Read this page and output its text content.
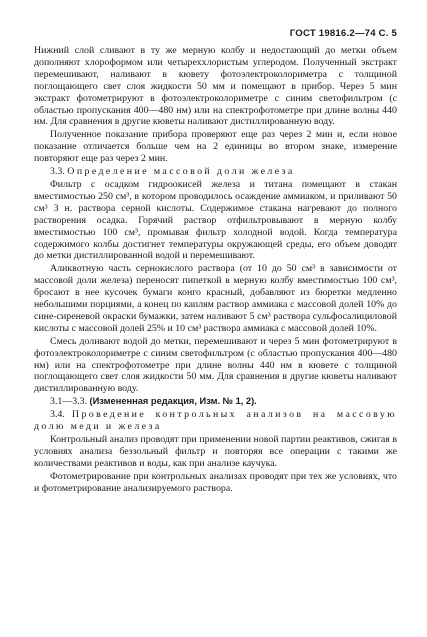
ГОСТ 19816.2—74 С. 5

Нижний слой сливают в ту же мерную колбу и недостающий до метки объем дополняют хлороформом или четыреххлористым углеродом. Полученный экстракт перемешивают, наливают в кювету фотоэлектроколориметра с толщиной поглощающего свет слоя жидкости 50 мм и помещают в прибор. Через 5 мин экстракт фотометрируют в фотоэлектроколориметре с синим светофильтром (с областью пропускания 400—480 нм) или на спектрофотометре при длине волны 440 нм. Для сравнения в другие кюветы наливают дистиллированную воду.

Полученное показание прибора проверяют еще раз через 2 мин и, если новое показание отличается больше чем на 2 единицы во втором знаке, измерение повторяют еще раз через 2 мин.

3.3. Определение массовой доли железа

Фильтр с осадком гидроокисей железа и титана помещают в стакан вместимостью 250 см³, в котором проводилось осаждение аммиаком, и приливают 50 см³ 3 н. раствора серной кислоты. Содержимое стакана нагревают до полного растворения осадка. Горячий раствор отфильтровывают в мерную колбу вместимостью 100 см³, промывая фильтр холодной водой. Когда температура содержимого колбы достигнет температуры окружающей среды, его объем доводят до метки дистиллированной водой и перемешивают.

Аликвотную часть сернокислого раствора (от 10 до 50 см³ в зависимости от массовой доли железа) переносят пипеткой в мерную колбу вместимостью 100 см³, бросают в нее кусочек бумаги конго красный, добавляют из бюретки медленно небольшими порциями, а конец по каплям раствор аммиака с массовой долей 10% до сине-сиреневой окраски бумажки, затем наливают 5 см³ раствора сульфосалициловой кислоты с массовой долей 25% и 10 см³ раствора аммиака с массовой долей 10%.

Смесь доливают водой до метки, перемешивают и через 5 мин фотометрируют в фотоэлектроколориметре с синим светофильтром (с областью пропускания 400—480 нм) или на спектрофотометре при длине волны 440 нм в кювете с толщиной поглощающего свет слоя жидкости 50 мм. Для сравнения в другие кюветы наливают дистиллированную воду.

3.1—3.3. (Измененная редакция, Изм. № 1, 2).

3.4. Проведение контрольных анализов на массовую долю меди и железа

Контрольный анализ проводят при применении новой партии реактивов, сжигая в условиях анализа беззольный фильтр и повторяя все операции с такими же количествами реактивов и воды, как при анализе каучука.

Фотометрирование при контрольных анализах проводят при тех же условиях, что и фотометрирование анализируемого раствора.
